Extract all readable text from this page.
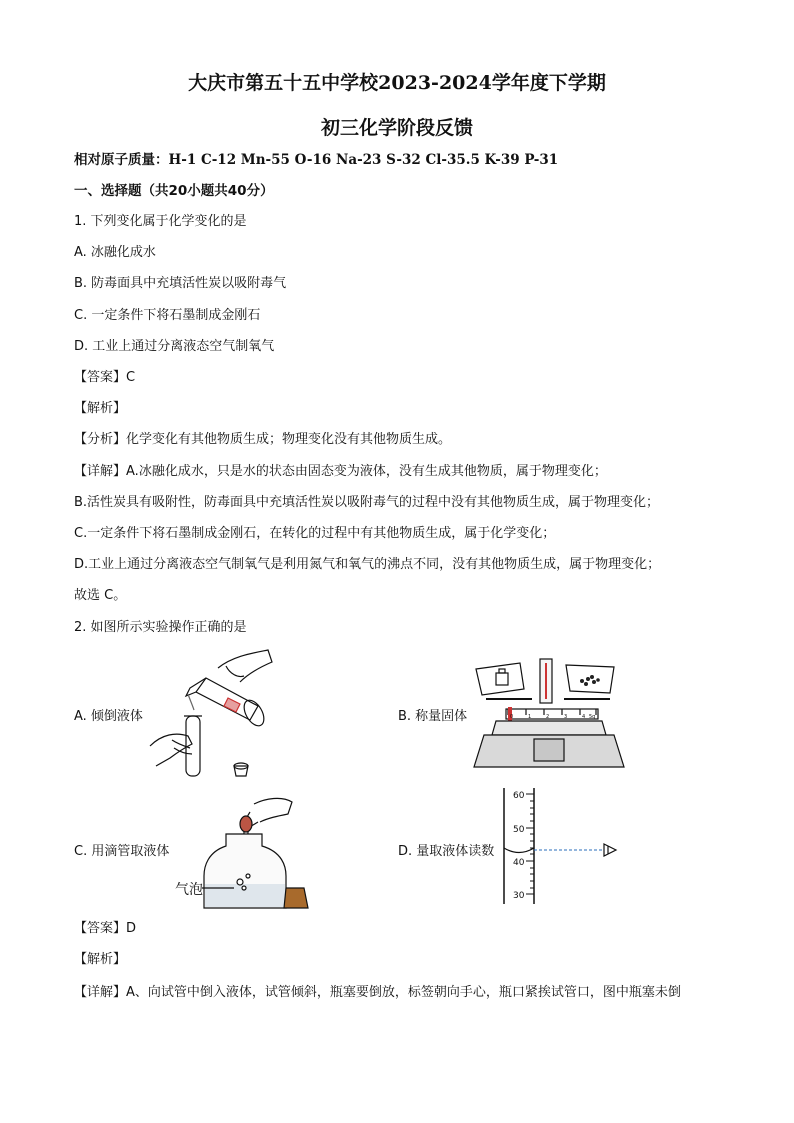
大庆市第五十五中学校2023-2024学年度下学期
初三化学阶段反馈
相对原子质量：H-1 C-12 Mn-55 O-16 Na-23 S-32 Cl-35.5 K-39 P-31
一、选择题（共20小题共40分）
1. 下列变化属于化学变化的是
A. 冰融化成水
B. 防毒面具中充填活性炭以吸附毒气
C. 一定条件下将石墨制成金刚石
D. 工业上通过分离液态空气制氧气
【答案】C
【解析】
【分析】化学变化有其他物质生成；物理变化没有其他物质生成。
【详解】A.冰融化成水，只是水的状态由固态变为液体，没有生成其他物质，属于物理变化；
B.活性炭具有吸附性，防毒面具中充填活性炭以吸附毒气的过程中没有其他物质生成，属于物理变化；
C.一定条件下将石墨制成金刚石，在转化的过程中有其他物质生成，属于化学变化；
D.工业上通过分离液态空气制氧气是利用氮气和氧气的沸点不同，没有其他物质生成，属于物理变化；
故选 C。
2. 如图所示实验操作正确的是
A. 倾倒液体	B. 称量固体
C. 用滴管取液体	D. 量取液体读数
0	1	2	3	4 5g
气泡
60
50
40
30
【答案】D
【解析】
【详解】A、向试管中倒入液体，试管倾斜，瓶塞要倒放，标签朝向手心，瓶口紧挨试管口，图中瓶塞未倒
